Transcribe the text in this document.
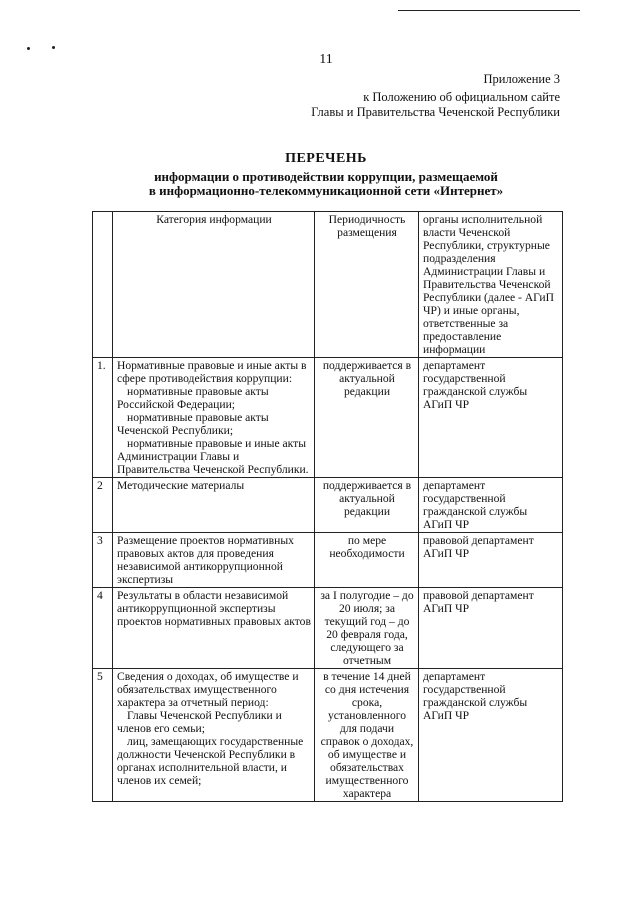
11
Приложение 3
к Положению об официальном сайте
Главы и Правительства Чеченской Республики
ПЕРЕЧЕНЬ
информации о противодействии коррупции, размещаемой
в информационно-телекоммуникационной сети «Интернет»
	Категория информации	Периодичность размещения	органы исполнительной власти Чеченской Республики, структурные подразделения Администрации Главы и Правительства Чеченской Республики (далее - АГиП ЧР) и иные органы, ответственные за предоставление информации
1.	Нормативные правовые и иные акты в сфере противодействия коррупции:
нормативные правовые акты Российской Федерации;
нормативные правовые акты Чеченской Республики;
нормативные правовые и иные акты Администрации Главы и Правительства Чеченской Республики.	поддерживается в актуальной редакции	департамент государственной гражданской службы АГиП ЧР
2	Методические материалы	поддерживается в актуальной редакции	департамент государственной гражданской службы АГиП ЧР
3	Размещение проектов нормативных правовых актов для проведения независимой антикоррупционной экспертизы	по мере необходимости	правовой департамент АГиП ЧР
4	Результаты в области независимой антикоррупционной экспертизы проектов нормативных правовых актов	за I полугодие – до 20 июля; за текущий год – до 20 февраля года, следующего за отчетным	правовой департамент АГиП ЧР
5	Сведения о доходах, об имуществе и обязательствах имущественного характера за отчетный период:
Главы Чеченской Республики и членов его семьи;
лиц, замещающих государственные должности Чеченской Республики в органах исполнительной власти, и членов их семей;	в течение 14 дней со дня истечения срока, установленного для подачи справок о доходах, об имуществе и обязательствах имущественного характера	департамент государственной гражданской службы АГиП ЧР
